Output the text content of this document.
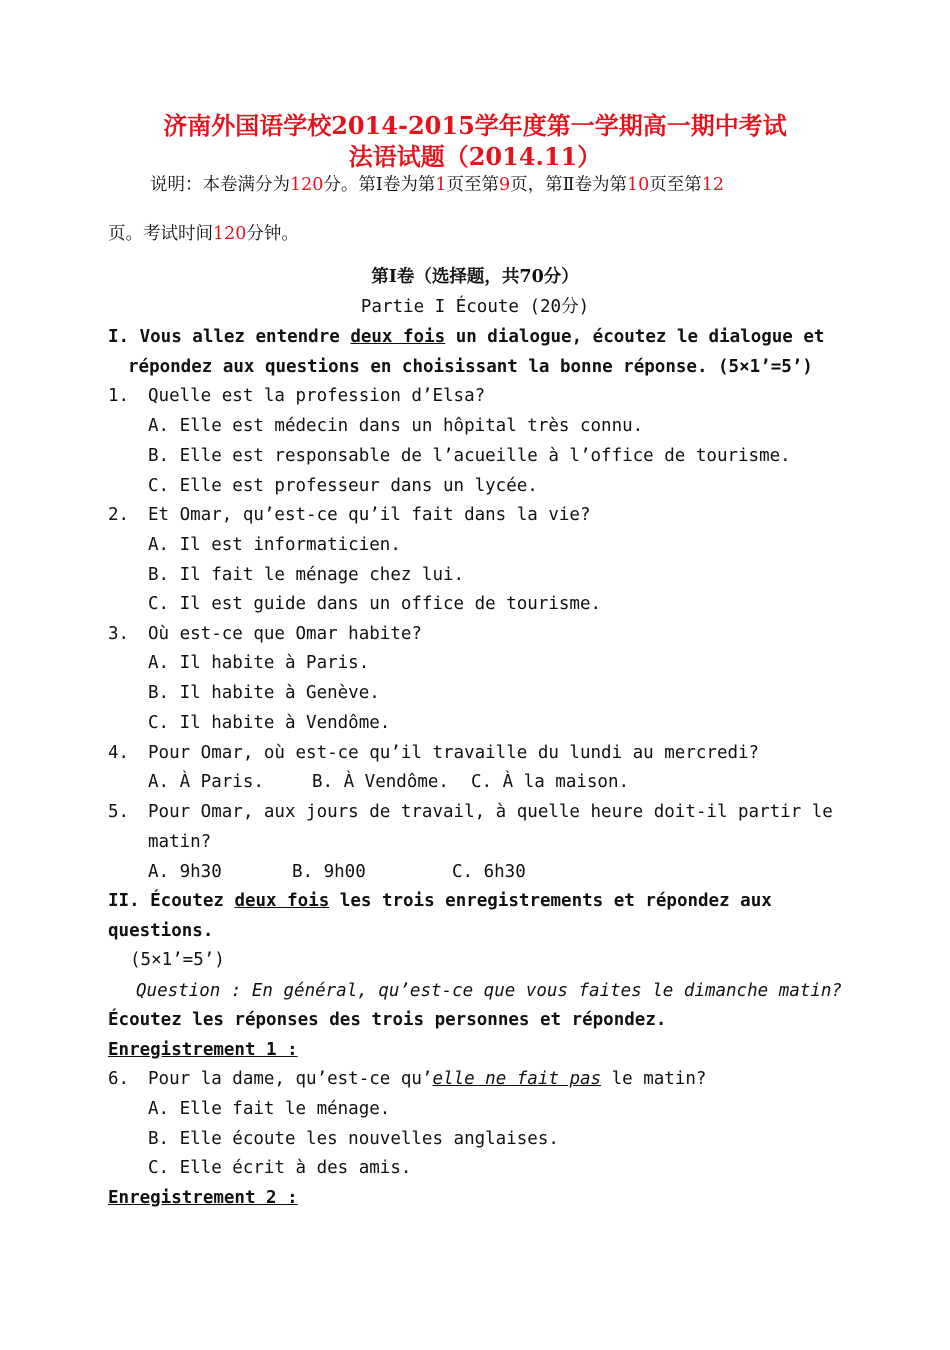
济南外国语学校2014-2015学年度第一学期高一期中考试
法语试题（2014.11）
说明：本卷满分为120分。第Ⅰ卷为第1页至第9页，第Ⅱ卷为第10页至第12
页。考试时间120分钟。
第Ⅰ卷（选择题，共70分）
Partie I Écoute (20分)
I. Vous allez entendre deux fois un dialogue, écoutez le dialogue et
répondez aux questions en choisissant la bonne réponse. (5×1’=5’)
1. Quelle est la profession d’Elsa?
A. Elle est médecin dans un hôpital très connu.
B. Elle est responsable de l’acueille à l’office de tourisme.
C. Elle est professeur dans un lycée.
2. Et Omar, qu’est-ce qu’il fait dans la vie?
A. Il est informaticien.
B. Il fait le ménage chez lui.
C. Il est guide dans un office de tourisme.
3. Où est-ce que Omar habite?
A. Il habite à Paris.
B. Il habite à Genève.
C. Il habite à Vendôme.
4. Pour Omar, où est-ce qu’il travaille du lundi au mercredi?
A. À Paris.	B. À Vendôme. C. À la maison.
5. Pour Omar, aux jours de travail, à quelle heure doit-il partir le
matin?
A. 9h30	B. 9h00	C. 6h30
II. Écoutez deux fois les trois enregistrements et répondez aux
questions.
(5×1’=5’)
Question : En général, qu’est-ce que vous faites le dimanche matin?
Écoutez les réponses des trois personnes et répondez.
Enregistrement 1 :
6. Pour la dame, qu’est-ce qu’elle ne fait pas le matin?
A. Elle fait le ménage.
B. Elle écoute les nouvelles anglaises.
C. Elle écrit à des amis.
Enregistrement 2 :
